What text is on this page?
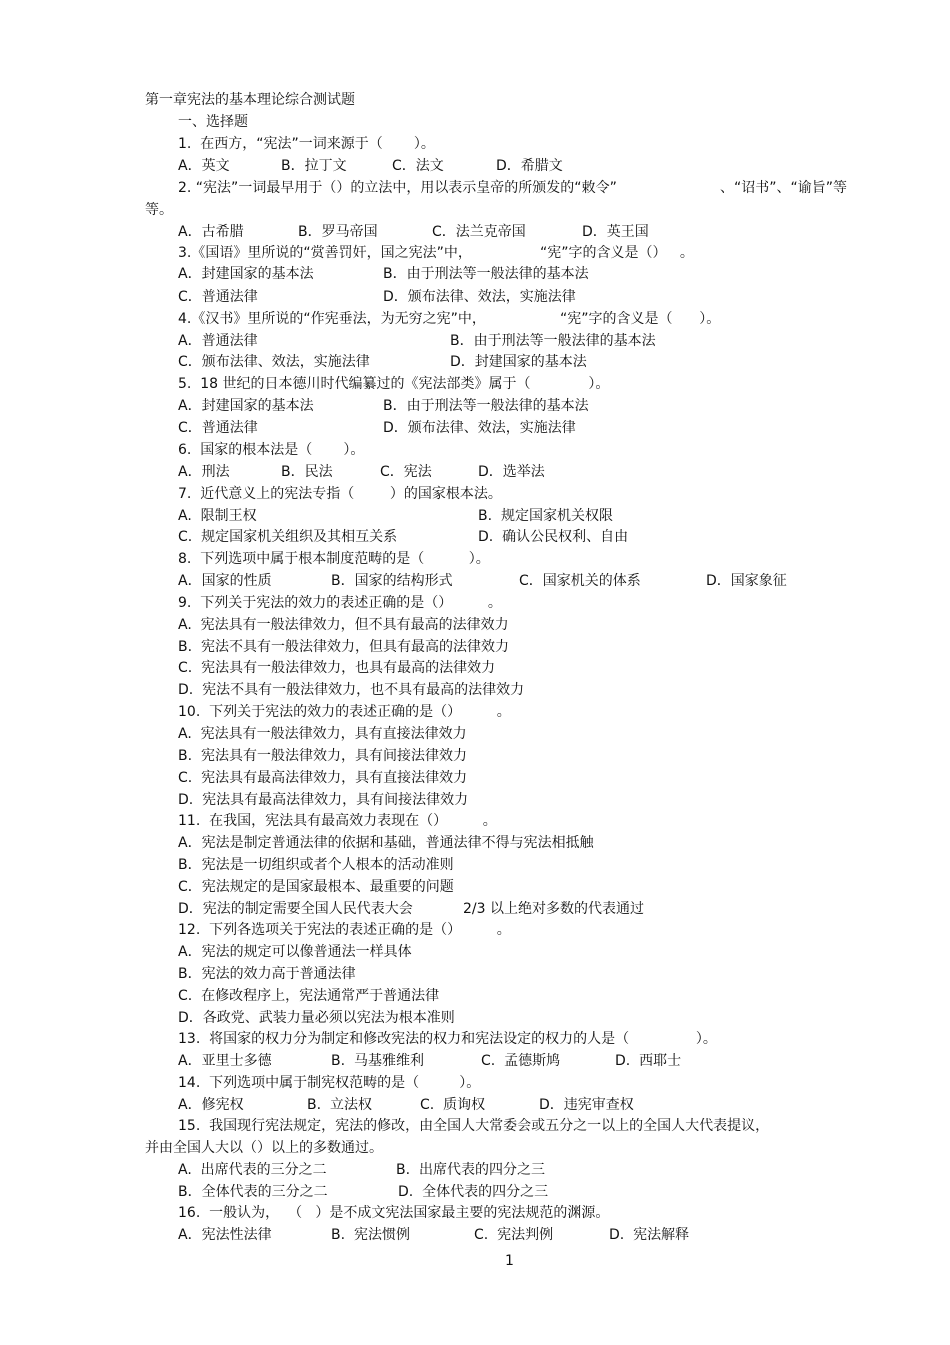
第一章宪法的基本理论综合测试题
一、选择题
1.  在西方，“宪法”一词来源于（       ）。
A．英文	B．拉丁文	C．法文	D．希腊文
2. “宪法”一词最早用于（）的立法中，用以表示皇帝的所颁发的“敕令”	、“诏书”、“谕旨”等
等。
A．古希腊	B．罗马帝国	C．法兰克帝国	D．英王国
3.《国语》里所说的“赏善罚奸，国之宪法”中，	“宪”字的含义是（）   。
A．封建国家的基本法	B．由于刑法等一般法律的基本法
C．普通法律	D．颁布法律、效法，实施法律
4.《汉书》里所说的“作宪垂法，为无穷之宪”中，	“宪”字的含义是（      ）。
A．普通法律	B．由于刑法等一般法律的基本法
C．颁布法律、效法，实施法律	D．封建国家的基本法
5.  18 世纪的日本德川时代编纂过的《宪法部类》属于（             ）。
A．封建国家的基本法	B．由于刑法等一般法律的基本法
C．普通法律	D．颁布法律、效法，实施法律
6.  国家的根本法是（       ）。
A．刑法	B．民法	C．宪法	D．选举法
7.  近代意义上的宪法专指（        ）的国家根本法。
A.  限制王权	B.  规定国家机关权限
C.  规定国家机关组织及其相互关系	D.  确认公民权利、自由
8.  下列选项中属于根本制度范畴的是（          ）。
A．国家的性质	B．国家的结构形式	C．国家机关的体系	D．国家象征
9.  下列关于宪法的效力的表述正确的是（）        。
A.  宪法具有一般法律效力，但不具有最高的法律效力
B.  宪法不具有一般法律效力，但具有最高的法律效力
C.  宪法具有一般法律效力，也具有最高的法律效力
D.  宪法不具有一般法律效力，也不具有最高的法律效力
10.  下列关于宪法的效力的表述正确的是（）        。
A.  宪法具有一般法律效力，具有直接法律效力
B.  宪法具有一般法律效力，具有间接法律效力
C.  宪法具有最高法律效力，具有直接法律效力
D.  宪法具有最高法律效力，具有间接法律效力
11.  在我国，宪法具有最高效力表现在（）        。
A．宪法是制定普通法律的依据和基础，普通法律不得与宪法相抵触
B．宪法是一切组织或者个人根本的活动准则
C．宪法规定的是国家最根本、最重要的问题
D．宪法的制定需要全国人民代表大会	2/3 以上绝对多数的代表通过
12.  下列各选项关于宪法的表述正确的是（）        。
A．宪法的规定可以像普通法一样具体
B．宪法的效力高于普通法律
C.  在修改程序上，宪法通常严于普通法律
D．各政党、武装力量必须以宪法为根本准则
13.  将国家的权力分为制定和修改宪法的权力和宪法设定的权力的人是（               ）。
A．亚里士多德	B.  马基雅维利	C.  孟德斯鸠	D.  西耶士
14.  下列选项中属于制宪权范畴的是（         ）。
A．修宪权	B.  立法权	C.  质询权	D．违宪审查权
15.  我国现行宪法规定，宪法的修改，由全国人大常委会或五分之一以上的全国人大代表提议，
并由全国人大以（）以上的多数通过。
A.  出席代表的三分之二	B.  出席代表的四分之三
B．全体代表的三分之二	D.  全体代表的四分之三
16.  一般认为，  （   ）是不成文宪法国家最主要的宪法规范的渊源。
A．宪法性法律	B.  宪法惯例	C.  宪法判例	D.  宪法解释
1
